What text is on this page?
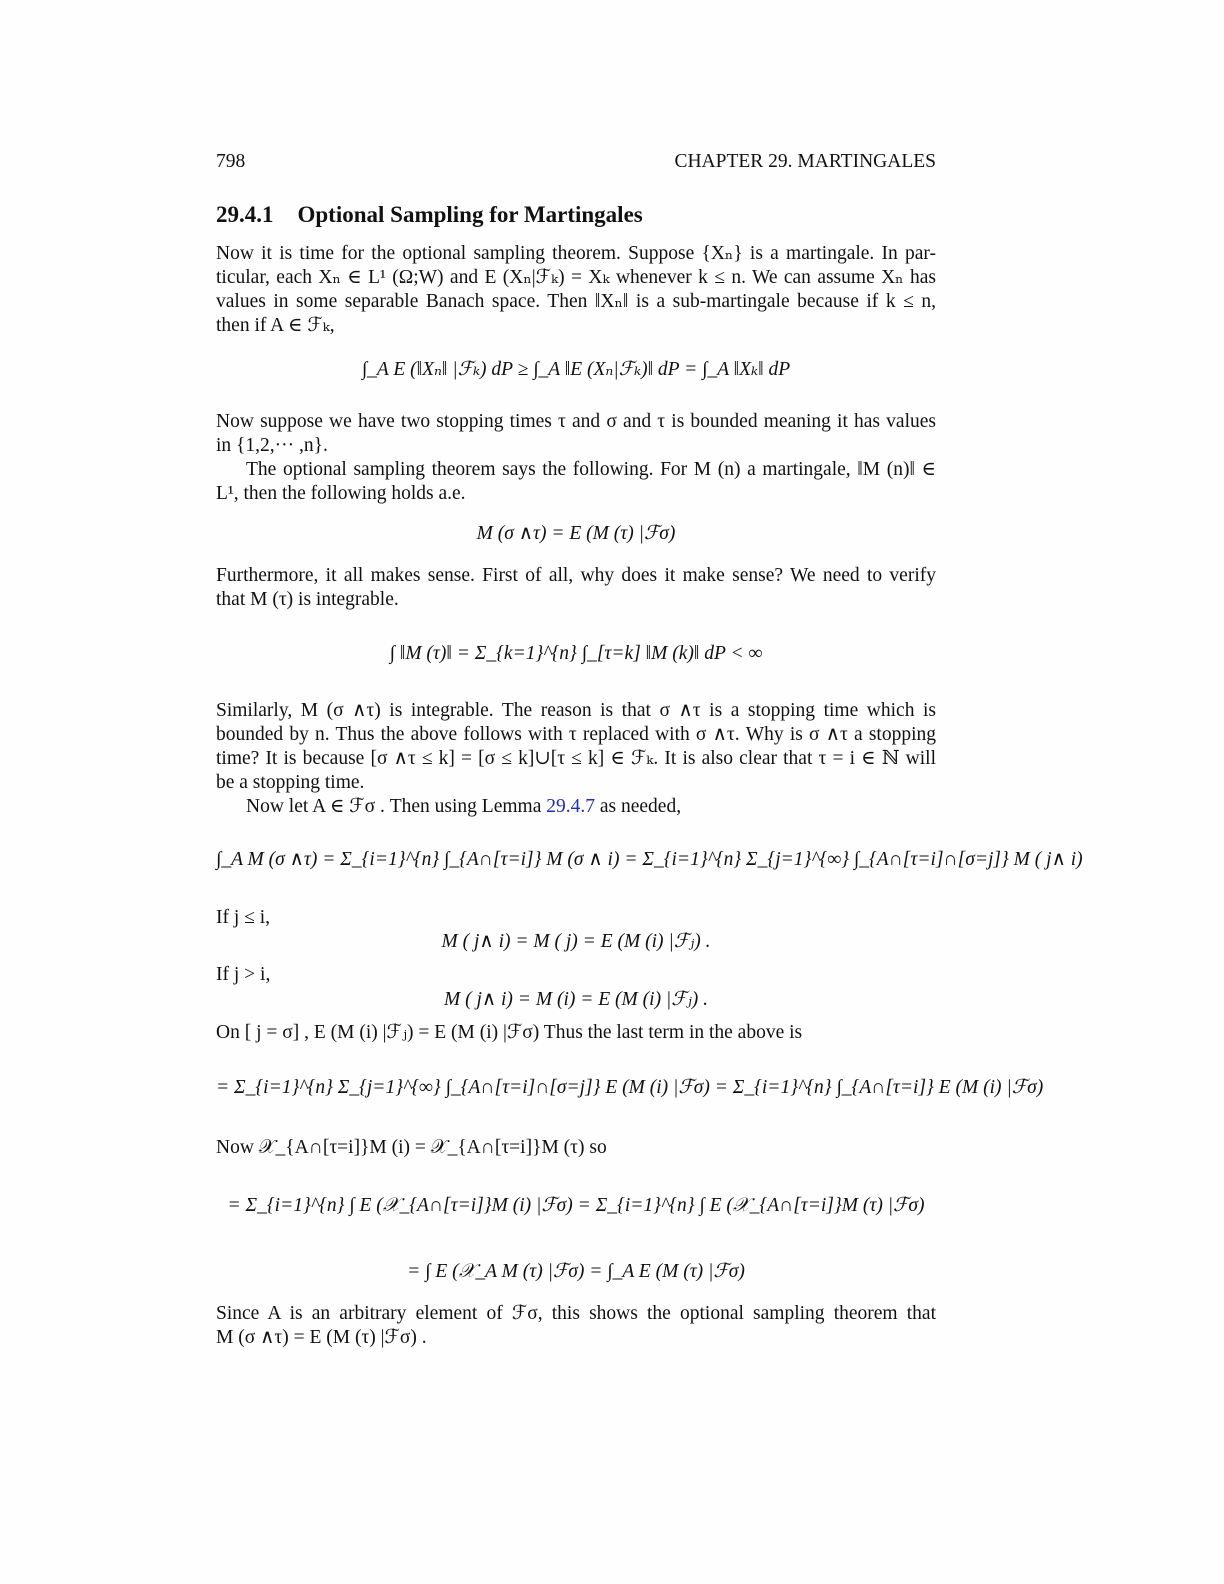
798	CHAPTER 29. MARTINGALES
29.4.1 Optional Sampling for Martingales
Now it is time for the optional sampling theorem. Suppose {Xₙ} is a martingale. In par-
ticular, each Xₙ ∈ L¹ (Ω;W) and E (Xₙ|ℱₖ) = Xₖ whenever k ≤ n. We can assume Xₙ has
values in some separable Banach space. Then ‖Xₙ‖ is a sub-martingale because if k ≤ n,
then if A ∈ ℱₖ,
∫_A E (‖Xₙ‖ |ℱₖ) dP ≥ ∫_A ‖E (Xₙ|ℱₖ)‖ dP = ∫_A ‖Xₖ‖ dP
Now suppose we have two stopping times τ and σ and τ is bounded meaning it has values
in {1,2,··· ,n}.
The optional sampling theorem says the following. For M (n) a martingale, ‖M (n)‖ ∈
L¹, then the following holds a.e.
M (σ ∧τ) = E (M (τ) |ℱσ)
Furthermore, it all makes sense. First of all, why does it make sense? We need to verify
that M (τ) is integrable.
∫ ‖M (τ)‖ = Σ_{k=1}^{n} ∫_[τ=k] ‖M (k)‖ dP < ∞
Similarly, M (σ ∧τ) is integrable. The reason is that σ ∧τ is a stopping time which is
bounded by n. Thus the above follows with τ replaced with σ ∧τ. Why is σ ∧τ a stopping
time? It is because [σ ∧τ ≤ k] = [σ ≤ k]∪[τ ≤ k] ∈ ℱₖ. It is also clear that τ = i ∈ ℕ will
be a stopping time.
Now let A ∈ ℱσ . Then using Lemma 29.4.7 as needed,
∫_A M (σ ∧τ) = Σ_{i=1}^{n} ∫_{A∩[τ=i]} M (σ ∧ i) = Σ_{i=1}^{n} Σ_{j=1}^{∞} ∫_{A∩[τ=i]∩[σ=j]} M ( j∧ i)
If j ≤ i,
M ( j∧ i) = M ( j) = E (M (i) |ℱⱼ) .
If j > i,
M ( j∧ i) = M (i) = E (M (i) |ℱⱼ) .
On [ j = σ] , E (M (i) |ℱⱼ) = E (M (i) |ℱσ) Thus the last term in the above is
= Σ_{i=1}^{n} Σ_{j=1}^{∞} ∫_{A∩[τ=i]∩[σ=j]} E (M (i) |ℱσ) = Σ_{i=1}^{n} ∫_{A∩[τ=i]} E (M (i) |ℱσ)
Now 𝒳_{A∩[τ=i]}M (i) = 𝒳_{A∩[τ=i]}M (τ) so
= Σ_{i=1}^{n} ∫ E (𝒳_{A∩[τ=i]}M (i) |ℱσ) = Σ_{i=1}^{n} ∫ E (𝒳_{A∩[τ=i]}M (τ) |ℱσ)
= ∫ E (𝒳_A M (τ) |ℱσ) = ∫_A E (M (τ) |ℱσ)
Since A is an arbitrary element of ℱσ, this shows the optional sampling theorem that
M (σ ∧τ) = E (M (τ) |ℱσ) .
